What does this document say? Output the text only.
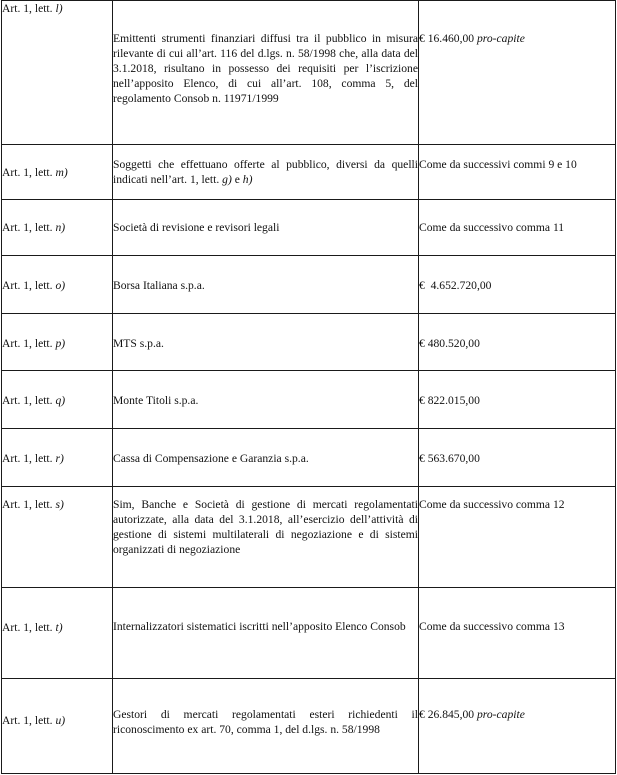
Art. 1, lett. l)	Emittenti strumenti finanziari diffusi tra il pubblico in misura rilevante di cui all’art. 116 del d.lgs. n. 58/1998 che, alla data del 3.1.2018, risultano in possesso dei requisiti per l’iscrizione nell’apposito Elenco, di cui all’art. 108, comma 5, del regolamento Consob n. 11971/1999	€ 16.460,00 pro-capite
Art. 1, lett. m)	Soggetti che effettuano offerte al pubblico, diversi da quelli indicati nell’art. 1, lett. g) e h)	Come da successivi commi 9 e 10
Art. 1, lett. n)	Società di revisione e revisori legali	Come da successivo comma 11
Art. 1, lett. o)	Borsa Italiana s.p.a.	€  4.652.720,00
Art. 1, lett. p)	MTS s.p.a.	€ 480.520,00
Art. 1, lett. q)	Monte Titoli s.p.a.	€ 822.015,00
Art. 1, lett. r)	Cassa di Compensazione e Garanzia s.p.a.	€ 563.670,00
Art. 1, lett. s)	Sim, Banche e Società di gestione di mercati regolamentati autorizzate, alla data del 3.1.2018, all’esercizio dell’attività di gestione di sistemi multilaterali di negoziazione e di sistemi organizzati di negoziazione	Come da successivo comma 12
Art. 1, lett. t)	Internalizzatori sistematici iscritti nell’apposito Elenco Consob	Come da successivo comma 13
Art. 1, lett. u)	Gestori di mercati regolamentati esteri richiedenti il riconoscimento ex art. 70, comma 1, del d.lgs. n. 58/1998	€ 26.845,00 pro-capite
